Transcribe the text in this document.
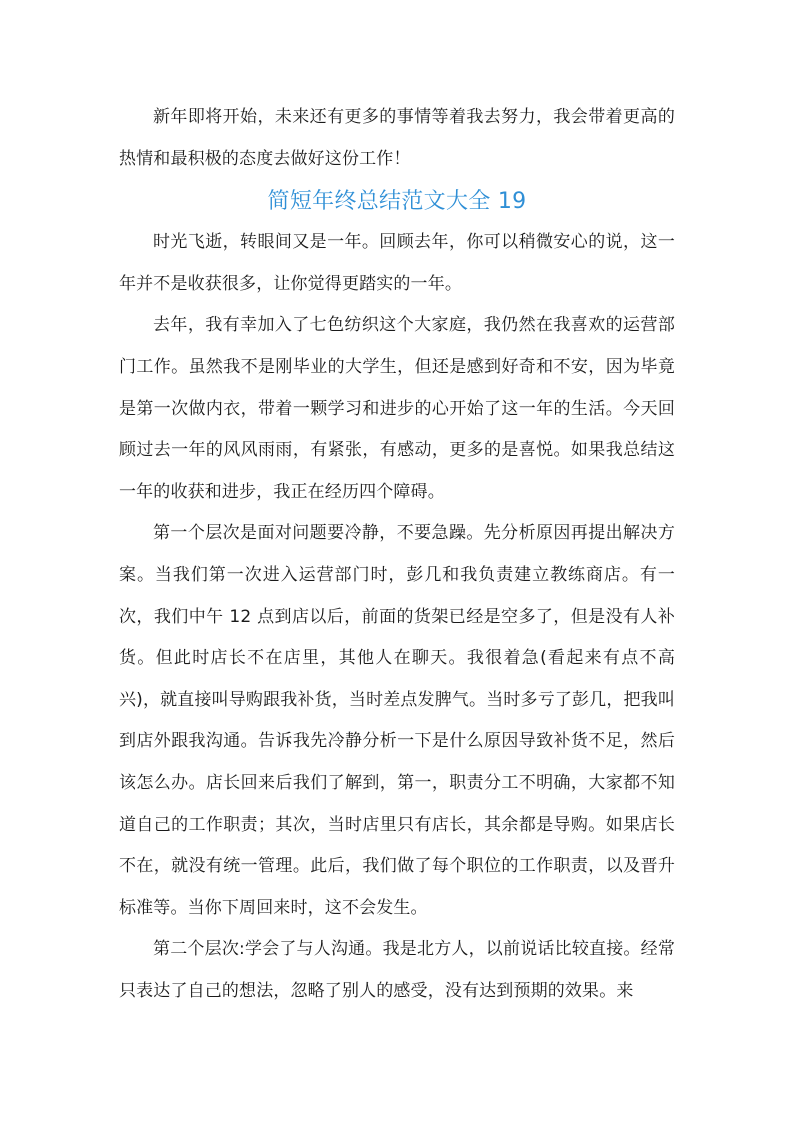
新年即将开始，未来还有更多的事情等着我去努力，我会带着更高的热情和最积极的态度去做好这份工作！

简短年终总结范文大全 19

时光飞逝，转眼间又是一年。回顾去年，你可以稍微安心的说，这一年并不是收获很多，让你觉得更踏实的一年。

去年，我有幸加入了七色纺织这个大家庭，我仍然在我喜欢的运营部门工作。虽然我不是刚毕业的大学生，但还是感到好奇和不安，因为毕竟是第一次做内衣，带着一颗学习和进步的心开始了这一年的生活。今天回顾过去一年的风风雨雨，有紧张，有感动，更多的是喜悦。如果我总结这一年的收获和进步，我正在经历四个障碍。

第一个层次是面对问题要冷静，不要急躁。先分析原因再提出解决方案。当我们第一次进入运营部门时，彭几和我负责建立教练商店。有一次，我们中午 12 点到店以后，前面的货架已经是空多了，但是没有人补货。但此时店长不在店里，其他人在聊天。我很着急(看起来有点不高兴)，就直接叫导购跟我补货，当时差点发脾气。当时多亏了彭几，把我叫到店外跟我沟通。告诉我先冷静分析一下是什么原因导致补货不足，然后该怎么办。店长回来后我们了解到，第一，职责分工不明确，大家都不知道自己的工作职责；其次，当时店里只有店长，其余都是导购。如果店长不在，就没有统一管理。此后，我们做了每个职位的工作职责，以及晋升标准等。当你下周回来时，这不会发生。

第二个层次:学会了与人沟通。我是北方人，以前说话比较直接。经常只表达了自己的想法，忽略了别人的感受，没有达到预期的效果。来
